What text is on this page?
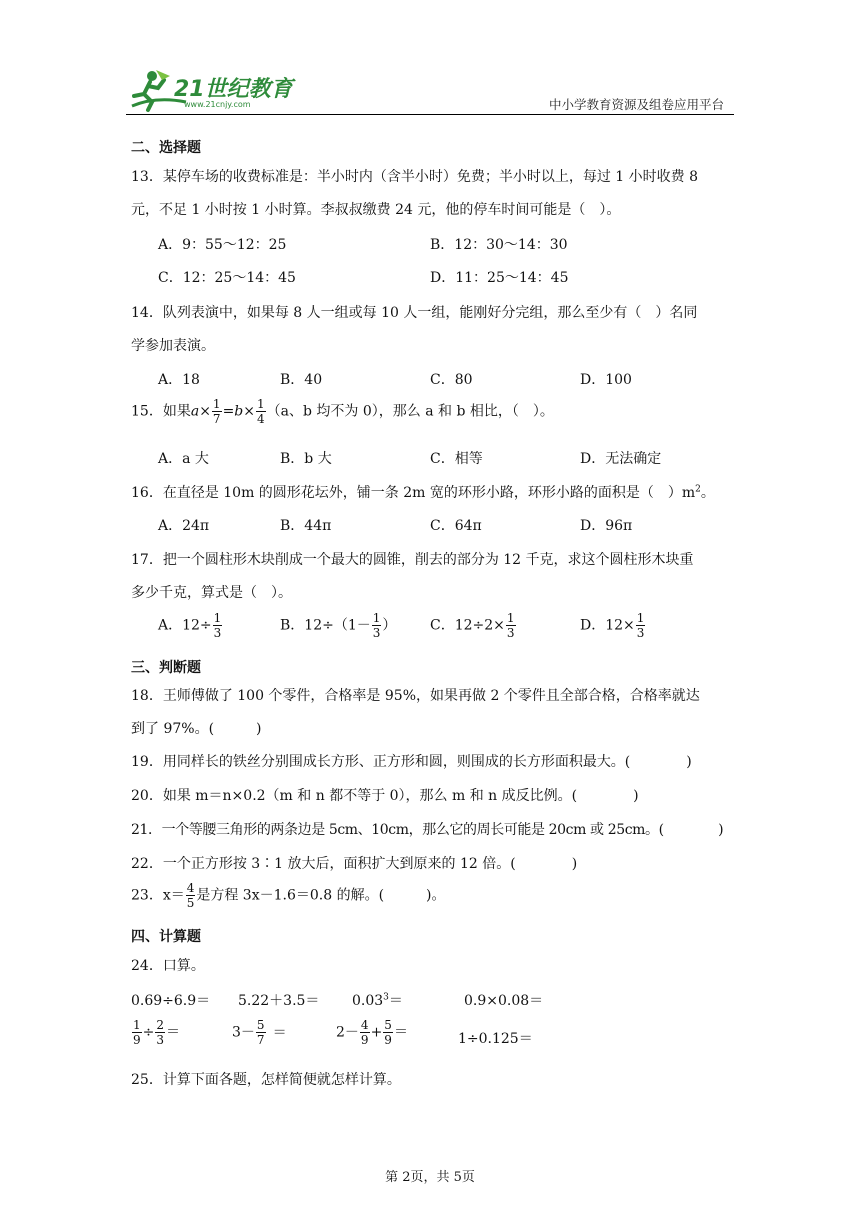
21世纪教育
www.21cnjy.com	中小学教育资源及组卷应用平台
二、选择题
13．某停车场的收费标准是：半小时内（含半小时）免费；半小时以上，每过 1 小时收费 8
元，不足 1 小时按 1 小时算。李叔叔缴费 24 元，他的停车时间可能是（　）。
A．9：55～12：25	B．12：30～14：30
C．12：25～14：45	D．11：25～14：45
14．队列表演中，如果每 8 人一组或每 10 人一组，能刚好分完组，那么至少有（　）名同
学参加表演。
A．18	B．40	C．80	D．100
15．如果$a\times \frac{1}{7} =b\times \frac{1}{4} (a$、b 均不为 0），那么 a 和 b 相比，（　）。
A．a 大	B．b 大	C．相等	D．无法确定
16．在直径是 10m 的圆形花坛外，铺一条 2m 宽的环形小路，环形小路的面积是（　）$m^2$。
A．24π	B．44π	C．64π	D．96π
17．把一个圆柱形木块削成一个最大的圆锥，削去的部分为 12 千克，求这个圆柱形木块重
多少千克，算式是（　）。
A．$12\div \frac{1}{3}$	B．$12\div(1- \frac{1}{3}$ ） C．$12\div 2\times \frac{1}{3}$	D．$12\times \frac{1}{3}$
三、判断题
18．王师傅做了 100 个零件，合格率是 95%，如果再做 2 个零件且全部合格，合格率就达
到了 97%。(　　　)
19．用同样长的铁丝分别围成长方形、正方形和圆，则围成的长方形面积最大。(　　　　)
20．如果 m＝n×0.2（m 和 n 都不等于 0），那么 m 和 n 成反比例。(　　　　)
21．一个等腰三角形的两条边是 5cm、10cm，那么它的周长可能是 20cm 或 25cm。(　　　　)
22．一个正方形按 3∶1 放大后，面积扩大到原来的 12 倍。(　　　　)
23．$x= \frac{4}{5}$ 是方程 3x－1.6＝0.8 的解。(　　　)。
四、计算题
24．口算。
$0.69\div 6.9= 5.22+3.5= 0.03^3=$	0.9×0.08＝
$\frac{1}{9} \div \frac{2}{3}$ ＝	$3- \frac{5}{7}$ ＝	$2- \frac{4}{9} + \frac{5}{9}$ ＝	1÷0.125＝
25．计算下面各题，怎样简便就怎样计算。
第 2页，共 5页
